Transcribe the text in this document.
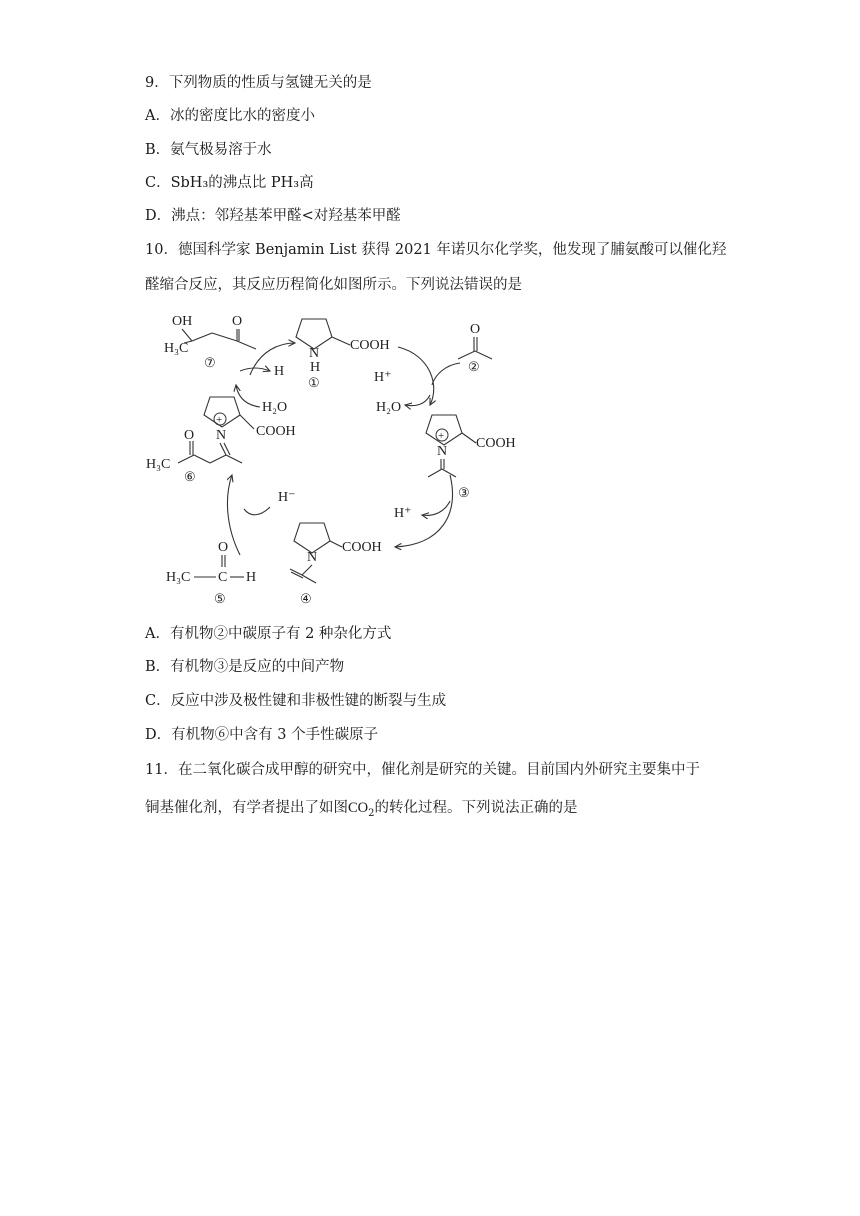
9．下列物质的性质与氢键无关的是
A．冰的密度比水的密度小
B．氨气极易溶于水
C．SbH₃的沸点比 PH₃高
D．沸点：邻羟基苯甲醛<对羟基苯甲醛
10．德国科学家 Benjamin List 获得 2021 年诺贝尔化学奖，他发现了脯氨酸可以催化羟
醛缩合反应，其反应历程简化如图所示。下列说法错误的是
OH	O
H₃C
⑦
N
H
COOH
①
O
②
H⁺
H₂O
H
H₂O
+
N COOH
O
H₃C
⑥
+
N
COOH
③
H⁺
H⁻
N
COOH
④
O
H₃C C H
⑤
A．有机物②中碳原子有 2 种杂化方式
B．有机物③是反应的中间产物
C．反应中涉及极性键和非极性键的断裂与生成
D．有机物⑥中含有 3 个手性碳原子
11．在二氧化碳合成甲醇的研究中，催化剂是研究的关键。目前国内外研究主要集中于
铜基催化剂，有学者提出了如图$CO_2$的转化过程。下列说法正确的是
